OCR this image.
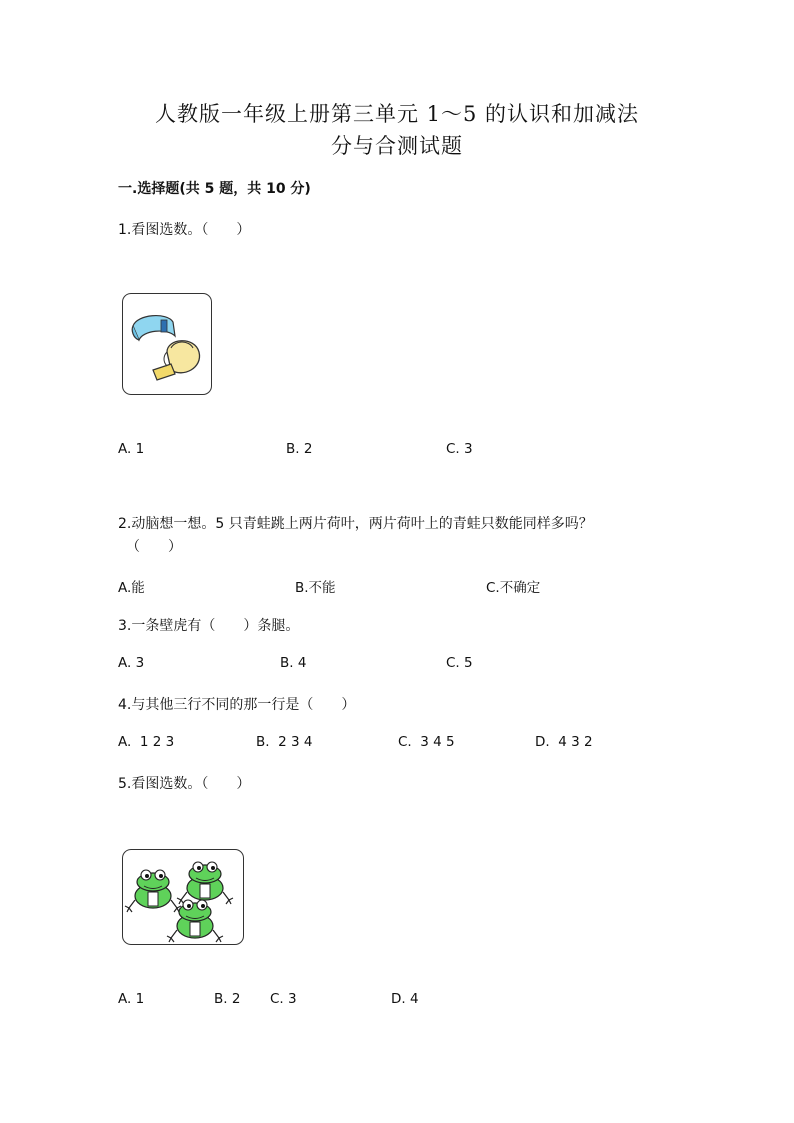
人教版一年级上册第三单元 1～5 的认识和加减法
分与合测试题
一.选择题(共 5 题，共 10 分)
1.看图选数。（　　）
A. 1	B. 2	C. 3
2.动脑想一想。5 只青蛙跳上两片荷叶，两片荷叶上的青蛙只数能同样多吗？
（　　）
A.能	B.不能	C.不确定
3.一条壁虎有（　　）条腿。
A. 3	B. 4	C. 5
4.与其他三行不同的那一行是（　　）
A.  1 2 3	B.  2 3 4	C.  3 4 5	D.  4 3 2
5.看图选数。（　　）
A. 1	B. 2 C. 3	D. 4
